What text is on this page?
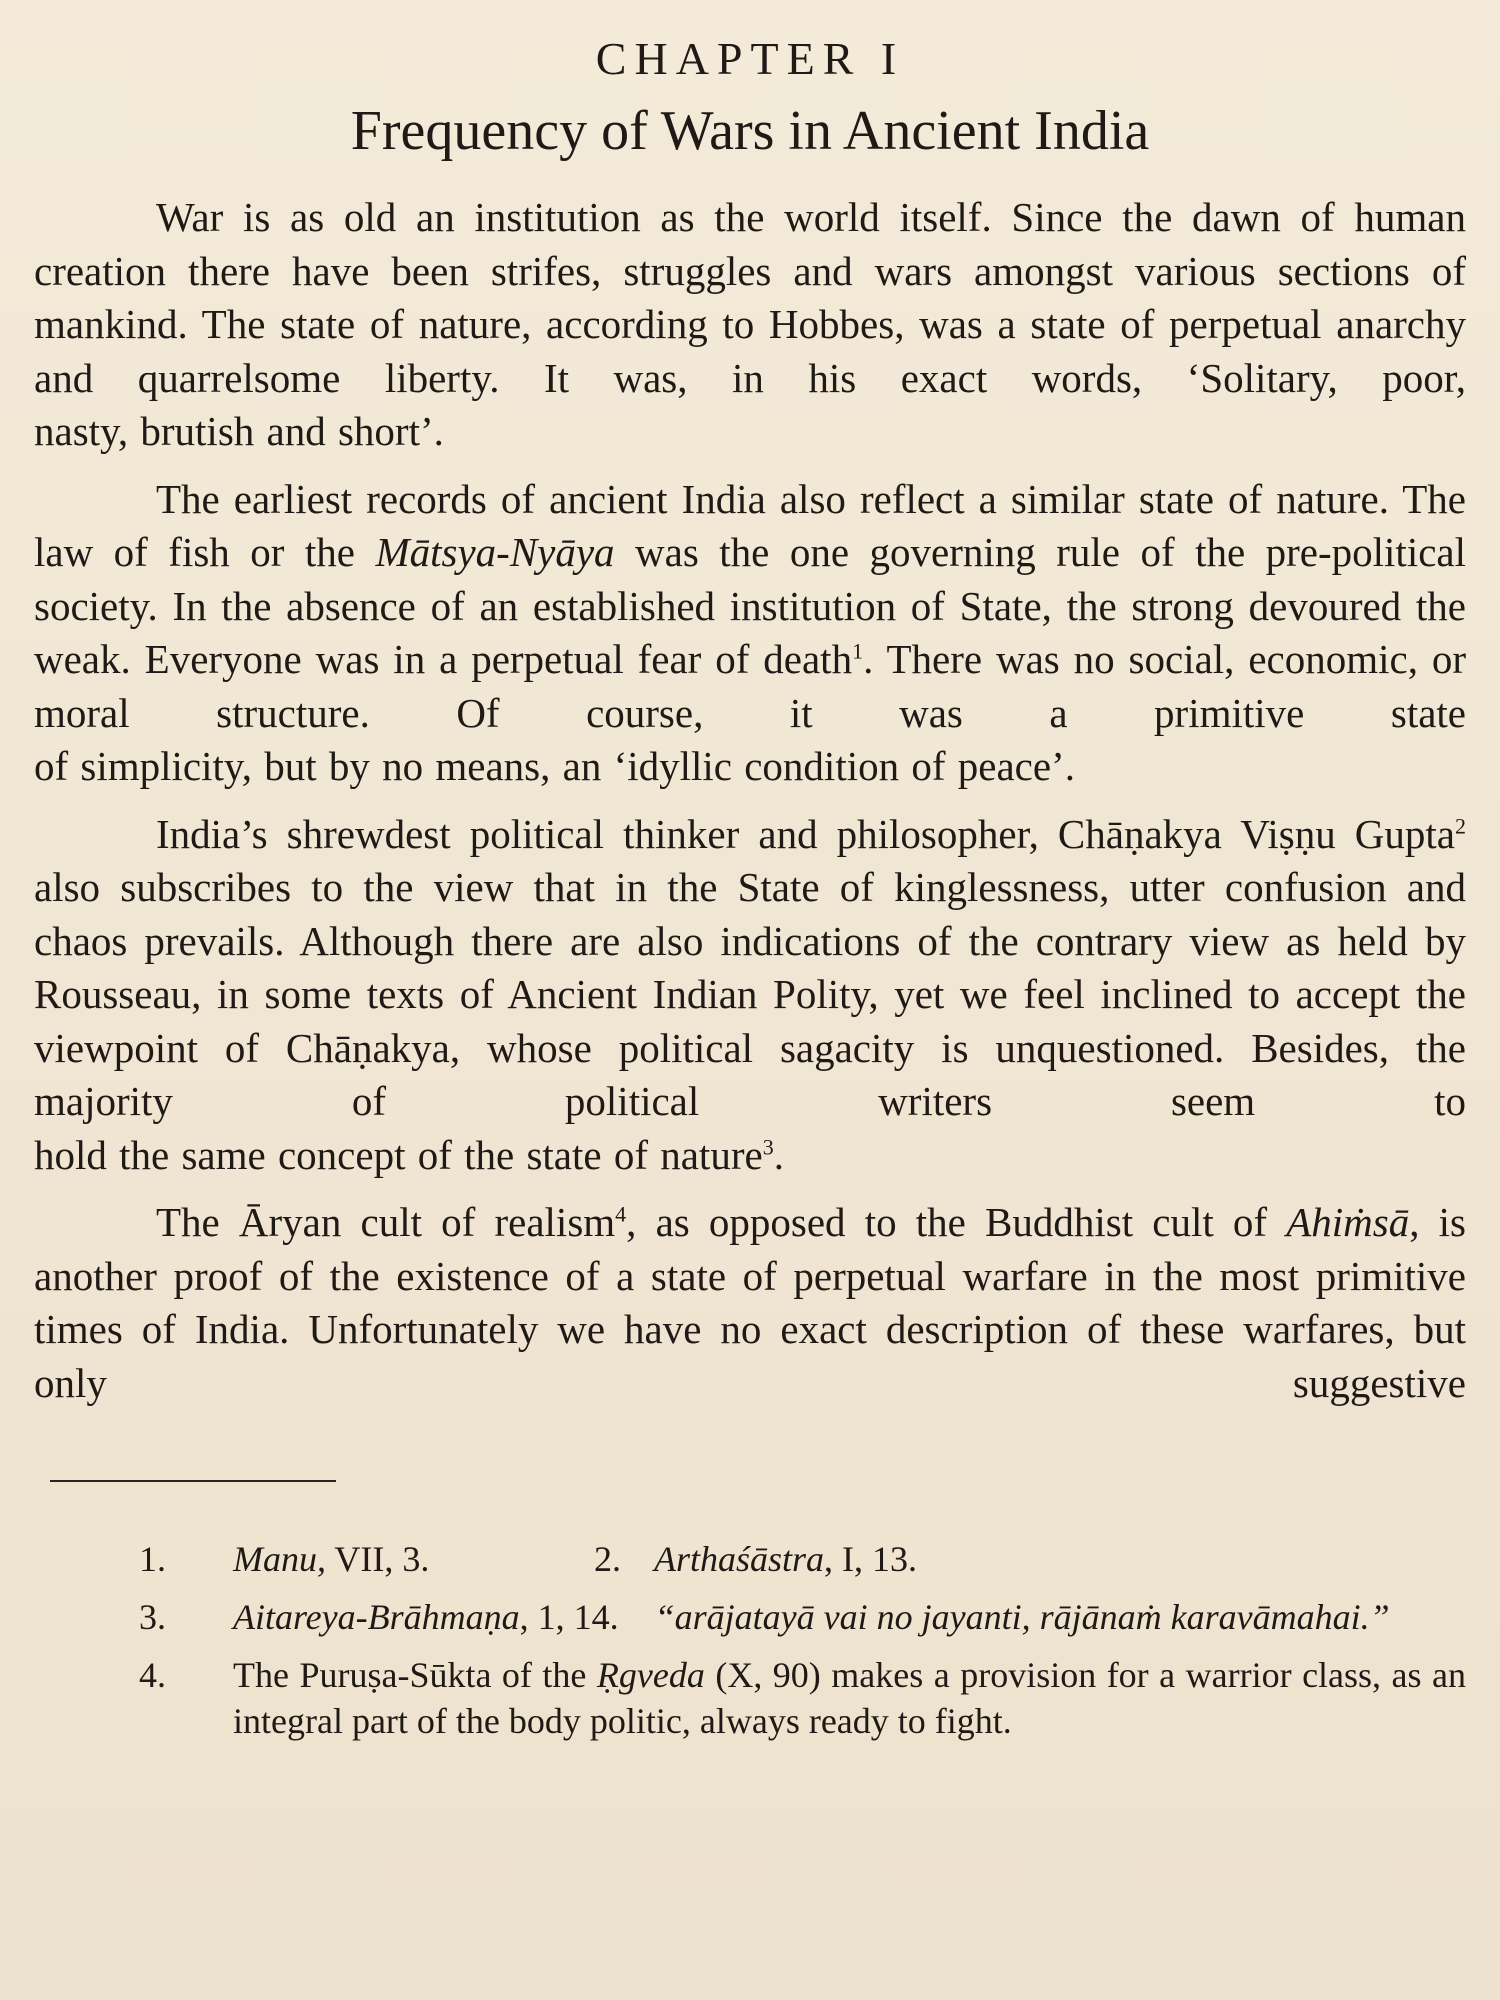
CHAPTER I
Frequency of Wars in Ancient India

War is as old an institution as the world itself. Since the dawn of human creation there have been strifes, struggles and wars amongst various sections of mankind. The state of nature, according to Hobbes, was a state of perpetual anarchy and quarrelsome liberty. It was, in his exact words, ‘Solitary, poor,
nasty, brutish and short’.

The earliest records of ancient India also reflect a similar state of nature. The law of fish or the Mātsya-Nyāya was the one governing rule of the pre-political society. In the absence of an established institution of State, the strong devoured the weak. Everyone was in a perpetual fear of death$^1$. There was no social, economic, or moral structure. Of course, it was a primitive state
of simplicity, but by no means, an ‘idyllic condition of peace’.

India’s shrewdest political thinker and philosopher, Chāṇakya Viṣṇu Gupta$^2$ also subscribes to the view that in the State of kinglessness, utter confusion and chaos prevails. Although there are also indications of the contrary view as held by Rousseau, in some texts of Ancient Indian Polity, yet we feel inclined to accept the viewpoint of Chāṇakya, whose political sagacity is unquestioned. Besides, the majority of political writers seem to
hold the same concept of the state of nature$^3$.

The Āryan cult of realism$^4$, as opposed to the Buddhist cult of Ahiṁsā, is another proof of the existence of a state of perpetual warfare in the most primitive times of India. Unfortunately we have no exact description of these warfares, but only suggestive

1.	Manu, VII, 3.	2. Arthaśāstra, I, 13.
3.	Aitareya-Brāhmaṇa, 1, 14. “arājatayā vai no jayanti, rājānaṁ karavāmahai.”
4.	The Puruṣa-Sūkta of the Ṛgveda (X, 90) makes a provision for a warrior class, as an integral part of the body politic, always ready to fight.
